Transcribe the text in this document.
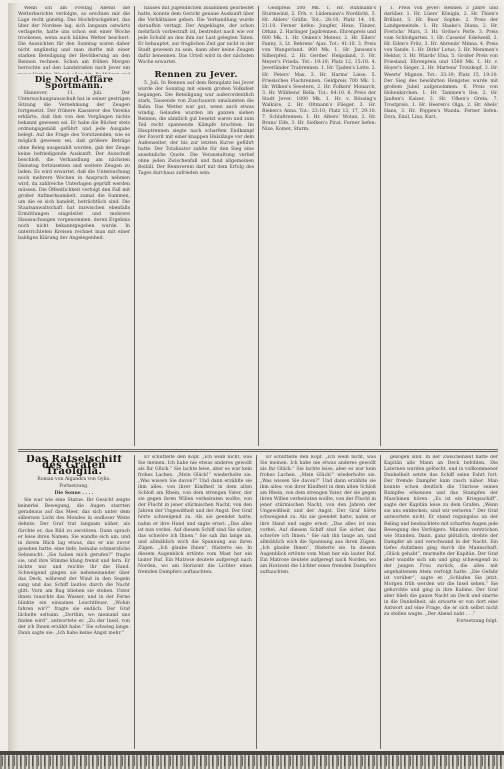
Wenn ich am Freitag Abend die Wetterberichte verfolgte, so erschien mir die Lage recht günstig. Das Hochdruckgebiet, das über der Nordsee lag, sich langsam ostwärts verlagerte, hatte uns schon seit einer Woche trockenes, wenn auch kühles Wetter beschert. Die Aussichten für den Sonntag waren daher nicht ungünstig und man durfte mit einer starken Beteiligung der Bevölkerung an den Rennen rechnen. Schon am frühen Morgen herrschte auf den Landstraßen nach Jever ein

Die Nord-Affäre Sportmann.

Hannover, 11. Juli. Der Untersuchungsausschuß hat in seiner gestrigen Sitzung die Vernehmung der Zeugen fortgesetzt. Der frühere Kassierer des Vereins erklärte, daß ihm von den Vorgängen nichts bekannt gewesen sei. Er habe die Bücher stets ordnungsgemäß geführt und jede Ausgabe belegt. Auf die Frage des Vorsitzenden, wie es möglich gewesen sei, daß größere Beträge ohne Beleg ausgezahlt wurden, gab der Zeuge keine befriedigende Auskunft. Der Ausschuß beschloß, die Verhandlung am nächsten Dienstag fortzusetzen und weitere Zeugen zu laden. Es wird erwartet, daß die Untersuchung noch mehrere Wochen in Anspruch nehmen wird, da zahlreiche Unterlagen geprüft werden müssen. Die Öffentlichkeit verfolgt den Fall mit großer Aufmerksamkeit, zumal die Summen, um die es sich handelt, beträchtlich sind. Die Staatsanwaltschaft hat inzwischen ebenfalls Ermittlungen eingeleitet und mehrere Haussuchungen vorgenommen, deren Ergebnis noch nicht bekanntgegeben wurde. In unterrichteten Kreisen rechnet man mit einer baldigen Klärung der Angelegenheit.

hauses mit Jugendlichen zusammen gearbeitet hatte, konnte dem Gericht genaue Auskunft über die Verhältnisse geben. Die Verhandlung wurde daraufhin vertagt. Der Angeklagte, der schon mehrfach vorbestraft ist, bestreitet nach wie vor jede Schuld an den ihm zur Last gelegten Taten. Er behauptet, zur fraglichen Zeit gar nicht in der Stadt gewesen zu sein, kann aber keine Zeugen dafür benennen. Das Urteil wird in der nächsten Woche erwartet.

Rennen zu Jever.

5. Juli. In Rennen auf dem Rennplatz bei Jever wurde der Sonntag mit einem großen Volksfest begangen. Die Beteiligung war außerordentlich stark, Tausende von Zuschauern umsäumten die Bahn. Das Wetter war gut, wenn auch etwas windig. Gelaufen wurden im ganzen sieben Rennen, die sämtlich gut besetzt waren und zum Teil recht spannende Kämpfe brachten. Im Hauptrennen siegte nach scharfem Endkampf der Favorit mit einer knappen Halslänge vor dem Außenseiter, der bis zur letzten Kurve geführt hatte. Der Totalisator zahlte für den Sieg eine ansehnliche Quote. Die Veranstaltung verlief ohne jeden Zwischenfall und fand allgemeinen Beifall. Der Rennverein darf mit dem Erfolg des Tages durchaus zufrieden sein.

Geldpreis 500 Mk. 1. Hr. Rühmann's Sturmwind, 2. Frh. v. Lüdemann's Nordlicht, 3. Hr. Ahlers' Gräfin. Tot.: 28:10; Platz 14, 18, 21:10. Ferner liefen: Jungfer, Hexe, Tänzer, Orkan. 2. Harlinger Jagdrennen. Ehrenpreis und 600 Mk. 1. Hr. Onken's Meteor, 2. Hr. Eilers' Fanny, 3. Lt. Behrens' Ajax. Tot.: 41:10. 3. Preis von Wangerland. 800 Mk. 1. Hr. Janssen's Silberpfeil, 2. Hr. Gerdes' Helgoland, 3. Hr. Meyer's Frieda. Tot.: 19:10; Platz 12, 15:10. 4. Jeverländer Trabrennen. 1. Hr. Tjaden's Lotte, 2. Hr. Peters' Max, 3. Hr. Harms' Liese. 5. Friesisches Flachrennen. Geldpreis 700 Mk. 1. Hr. Wilken's Seestern, 2. Hr. Folkers' Monarch, 3. Hr. Wübbens' Bella. Tot.: 64:10. 6. Preis der Stadt Jever. 1000 Mk. 1. Hr. v. Rössing's Walküre, 2. Hr. Oltmann's Flieger, 3. Hr. Rieken's Anna. Tot.: 23:10; Platz 13, 17, 29:10. 7. Schlußrennen. 1. Hr. Albers' Wotan, 2. Hr. Bruns' Elfe, 3. Hr. Siefken's Pirat. Ferner liefen: Nixe, Komet, Sturm.

1. Preis von Jever: Rennen 3 Jahre und darüber. 1. Hr. Lüers' Königin, 2. Hr. Thien's Brillant, 3. Hr. Buss' Sophie. 2. Preis der Landgemeinde. 1. Hr. Haake's Diana, 2. Hr. Frerichs' Mars, 3. Hr. Gröne's Perle. 3. Preis vom Schloßgarten. 1. Hr. Cassens' Edelweiß, 2. Hr. Eden's Fritz, 3. Hr. Ahrends' Minna. 4. Preis von Sande. 1. Hr. Dirks' Lotus, 2. Hr. Memmen's Hektor, 3. Hr. Wiards' Elsa. 5. Großer Preis von Friesland. Ehrenpreis und 1500 Mk. 1. Hr. v. Hoyer's Sieger, 2. Hr. Martens' Trotzkopf, 3. Hr. Weerts' Mignon. Tot.: 33:10; Platz 15, 19:10. Der Sieg des bewährten Hengstes wurde mit großem Jubel aufgenommen. 6. Preis von Hohenkirchen. 1. Hr. Tammen's Ilse, 2. Hr. Janßen's Kaiser, 3. Hr. Ufken's Greta. 7. Trostpreis. 1. Hr. Heeren's Olga, 2. Hr. Abels' Hans, 3. Hr. Poppen's Wanda. Ferner liefen: Dora, Emil, Lina, Kurt.

Das Rätselschiff des Grafen Traolgila.
Roman von Algandra von Gyllo.
Fortsetzung.
Die Sonne . . . .

Sie war wie eine Statue. Ihr Gesicht zeigte keinerlei Bewegung, die Augen starrten geradeaus auf das Meer, das sich unter dem silbernen Licht des Mondes in endloser Weite dehnte. Der Graf trat langsam näher, als fürchte er, das Bild zu zerstören. Dann sprach er leise ihren Namen. Sie wandte sich um, und in ihrem Blick lag etwas, das er nie zuvor gesehen hatte: eine tiefe, beinahe schmerzliche Sehnsucht. „Sie haben mich gerufen?“ fragte sie, und ihre Stimme klang fremd und fern. Er nickte nur und reichte ihr die Hand. Schweigend gingen sie nebeneinander über das Deck, während der Wind in den Segeln sang und das Schiff lautlos durch die Nacht glitt. Vorn am Bug blieben sie stehen. Unter ihnen rauschte das Wasser, und in der Ferne blinkte ein einsames Leuchtfeuer. „Wohin fahren wir?“ fragte sie endlich. Der Graf lächelte seltsam. „Dorthin, wo niemand uns finden wird“, antwortete er. „Zu der Insel, von der ich Ihnen erzählt habe.“ Sie schwieg lange. Dann sagte sie: „Ich habe keine Angst mehr.“

Er schüttelte den Kopf. „Ich weiß nicht, was Sie meinen. Ich habe nie etwas anderes gewollt als Ihr Glück.“ Sie lachte leise, aber es war kein frohes Lachen. „Mein Glück!“ wiederholte sie. „Was wissen Sie davon?“ Und dann erzählte sie ihm alles: von ihrer Kindheit in dem alten Schloß am Rhein, von dem strengen Vater, der sie gegen ihren Willen verheiraten wollte, von der Flucht in jener stürmischen Nacht, von den Jahren der Ungewißheit und der Angst. Der Graf hörte schweigend zu. Als sie geendet hatte, nahm er ihre Hand und sagte ernst: „Das alles ist nun vorbei. Auf diesem Schiff sind Sie sicher, das schwöre ich Ihnen.“ Sie sah ihn lange an, und allmählich wich die Spannung aus ihren Zügen. „Ich glaube Ihnen“, flüsterte sie. In diesem Augenblick ertönte vom Mast her ein lauter Ruf. Ein Matrose deutete aufgeregt nach Norden, wo am Horizont die Lichter eines fremden Dampfers auftauchten.

Er schüttelte den Kopf. „Ich weiß nicht, was Sie meinen. Ich habe nie etwas anderes gewollt als Ihr Glück.“ Sie lachte leise, aber es war kein frohes Lachen. „Mein Glück!“ wiederholte sie. „Was wissen Sie davon?“ Und dann erzählte sie ihm alles: von ihrer Kindheit in dem alten Schloß am Rhein, von dem strengen Vater, der sie gegen ihren Willen verheiraten wollte, von der Flucht in jener stürmischen Nacht, von den Jahren der Ungewißheit und der Angst. Der Graf hörte schweigend zu. Als sie geendet hatte, nahm er ihre Hand und sagte ernst: „Das alles ist nun vorbei. Auf diesem Schiff sind Sie sicher, das schwöre ich Ihnen.“ Sie sah ihn lange an, und allmählich wich die Spannung aus ihren Zügen. „Ich glaube Ihnen“, flüsterte sie. In diesem Augenblick ertönte vom Mast her ein lauter Ruf. Ein Matrose deutete aufgeregt nach Norden, wo am Horizont die Lichter eines fremden Dampfers auftauchten.

gezogen sind. In der Zwischenzeit hatte der Kapitän alle Mann an Deck befohlen. Die Laternen wurden gelöscht, und in vollkommener Dunkelheit setzte das Schiff seine Fahrt fort. Der fremde Dampfer kam rasch näher. Man konnte schon deutlich die Umrisse seines Rumpfes erkennen und das Stampfen der Maschinen hören. „Es ist ein Kriegsschiff“, sagte der Kapitän leise zu dem Grafen. „Wenn sie uns entdecken, sind wir verloren.“ Der Graf antwortete nicht. Er stand regungslos an der Reling und beobachtete mit scharfen Augen jede Bewegung des Verfolgers. Minuten verstrichen wie Stunden. Dann, ganz plötzlich, drehte der Dampfer ab und verschwand in der Nacht. Ein tiefes Aufatmen ging durch die Mannschaft. „Glück gehabt“, murmelte der Kapitän. Der Graf aber wandte sich um und ging schweigend zu der jungen Frau zurück, die alles mit angehaltenem Atem verfolgt hatte. „Die Gefahr ist vorüber“, sagte er. „Schlafen Sie jetzt. Morgen früh werden wir die Insel sehen.“ Sie gehorchte und ging in ihre Kabine. Der Graf aber blieb die ganze Nacht an Deck und starrte in die Dunkelheit, als erwarte er von dort eine Antwort auf eine Frage, die er sich selbst nicht zu stellen wagte. „Der Abend naht . . .“

Fortsetzung folgt.
